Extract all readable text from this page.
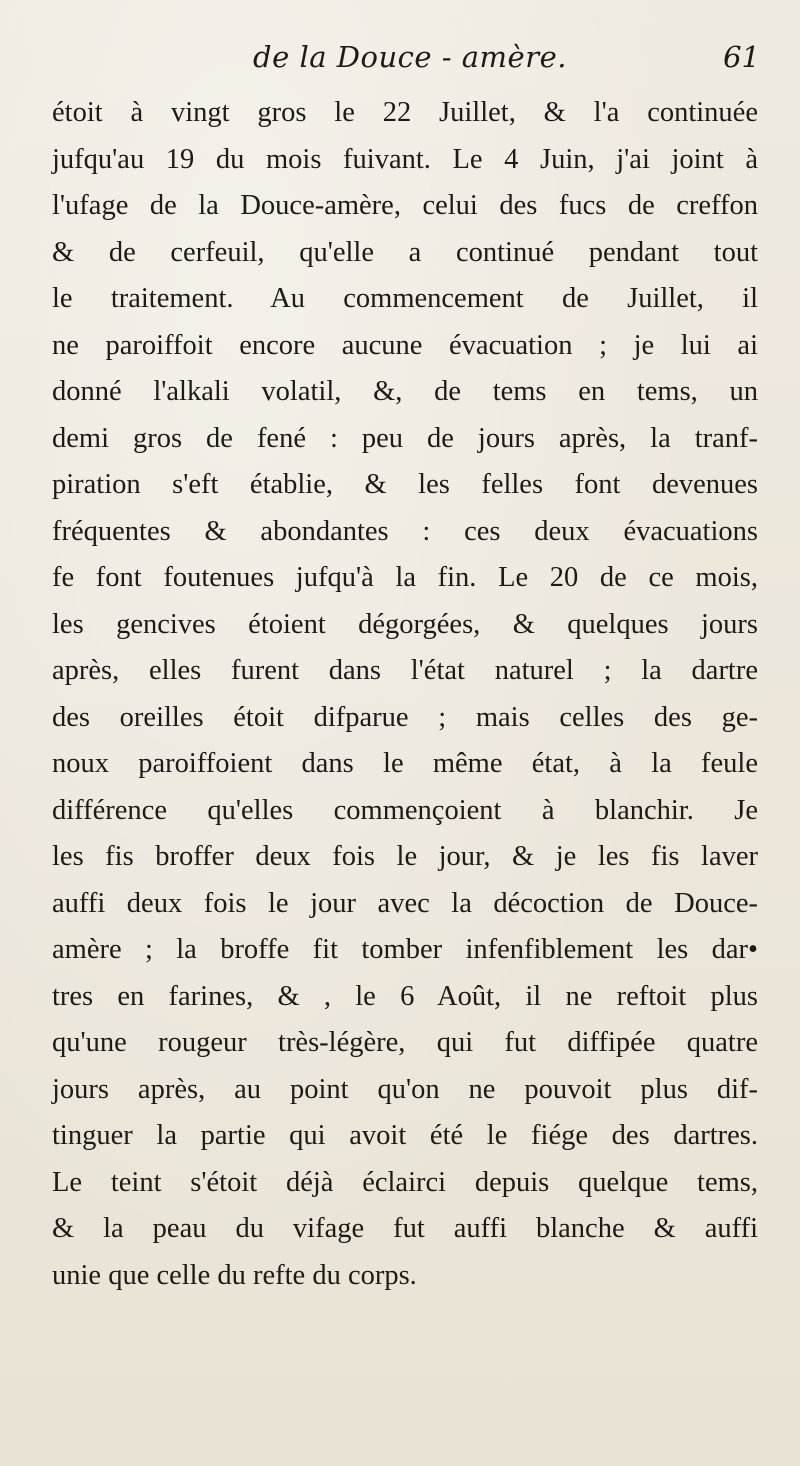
de la Douce - amère.	61
étoit à vingt gros le 22 Juillet, & l'a continuée
jufqu'au 19 du mois fuivant. Le 4 Juin, j'ai joint à
l'ufage de la Douce-amère, celui des fucs de creffon
& de cerfeuil, qu'elle a continué pendant tout
le traitement. Au commencement de Juillet, il
ne paroiffoit encore aucune évacuation ; je lui ai
donné l'alkali volatil, &, de tems en tems, un
demi gros de fené : peu de jours après, la tranf-
piration s'eft établie, & les felles font devenues
fréquentes & abondantes : ces deux évacuations
fe font foutenues jufqu'à la fin. Le 20 de ce mois,
les gencives étoient dégorgées, & quelques jours
après, elles furent dans l'état naturel ; la dartre
des oreilles étoit difparue ; mais celles des ge-
noux paroiffoient dans le même état, à la feule
différence qu'elles commençoient à blanchir. Je
les fis broffer deux fois le jour, & je les fis laver
auffi deux fois le jour avec la décoction de Douce-
amère ; la broffe fit tomber infenfiblement les dar•
tres en farines, & , le 6 Août, il ne reftoit plus
qu'une rougeur très-légère, qui fut diffipée quatre
jours après, au point qu'on ne pouvoit plus dif-
tinguer la partie qui avoit été le fiége des dartres.
Le teint s'étoit déjà éclairci depuis quelque tems,
& la peau du vifage fut auffi blanche & auffi
unie que celle du refte du corps.
